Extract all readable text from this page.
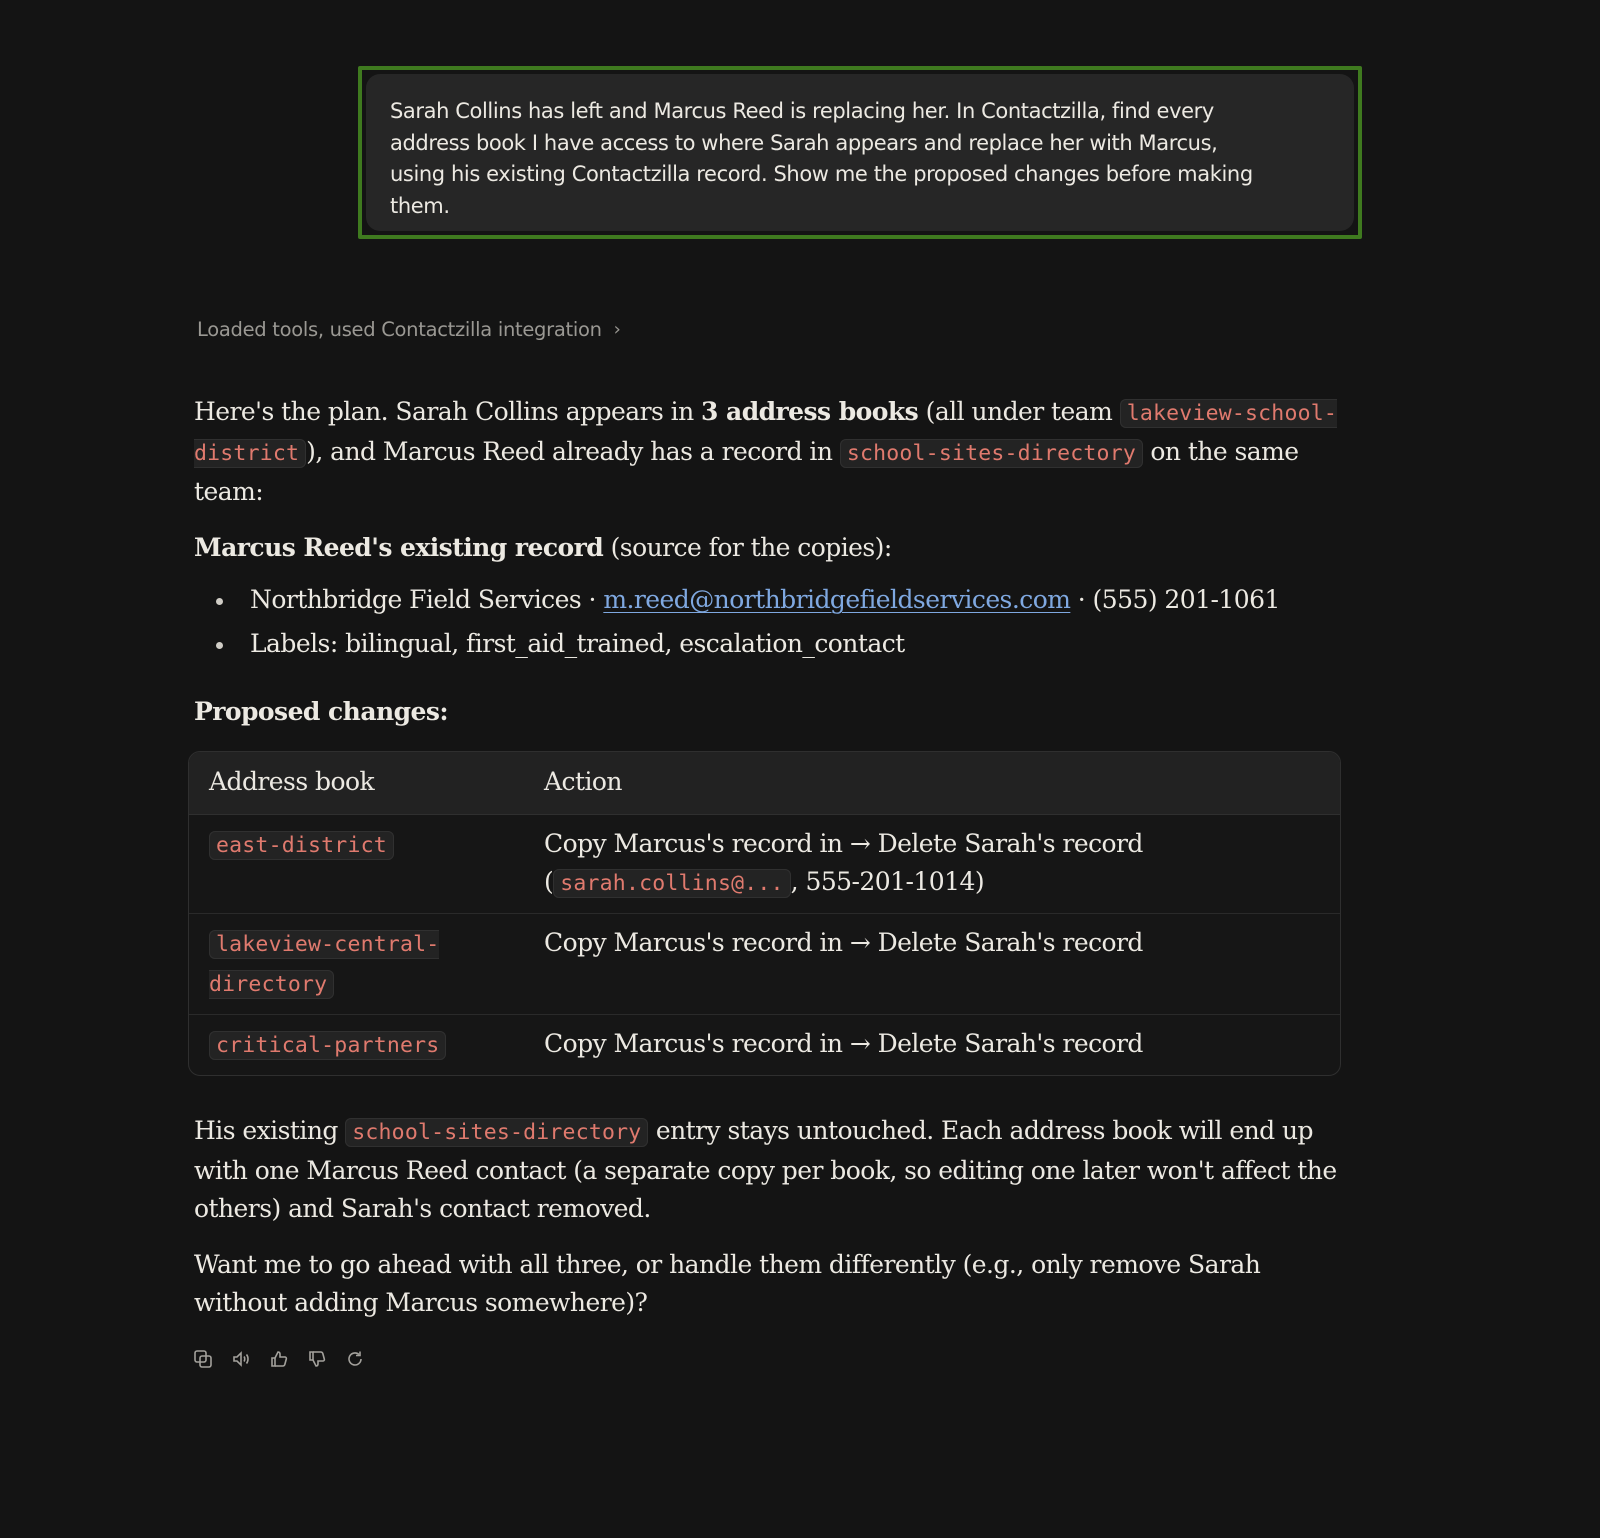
Sarah Collins has left and Marcus Reed is replacing her. In Contactzilla, find every
address book I have access to where Sarah appears and replace her with Marcus,
using his existing Contactzilla record. Show me the proposed changes before making
them.
Loaded tools, used Contactzilla integration ›

Here's the plan. Sarah Collins appears in 3 address books (all under team lakeview-school-district ), and Marcus Reed already has a record in school-sites-directory on the same team:

Marcus Reed's existing record (source for the copies):

Northbridge Field Services · m.reed@northbridgefieldservices.com · (555) 201-1061
Labels: bilingual, first_aid_trained, escalation_contact

Proposed changes:

Address book	Action
east-district	Copy Marcus's record in → Delete Sarah's record
( sarah.collins@... , 555-201-1014)
lakeview-central-directory	Copy Marcus's record in → Delete Sarah's record
critical-partners	Copy Marcus's record in → Delete Sarah's record

His existing school-sites-directory entry stays untouched. Each address book will end up with one Marcus Reed contact (a separate copy per book, so editing one later won't affect the others) and Sarah's contact removed.

Want me to go ahead with all three, or handle them differently (e.g., only remove Sarah without adding Marcus somewhere)?
